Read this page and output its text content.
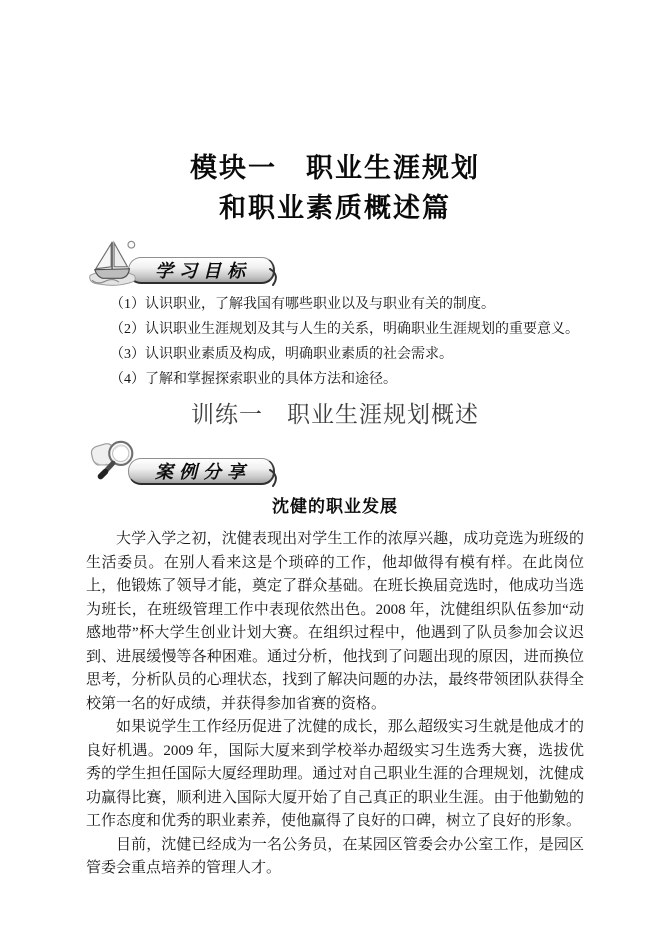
模块一　职业生涯规划
和职业素质概述篇
学习目标

（1）认识职业，了解我国有哪些职业以及与职业有关的制度。

（2）认识职业生涯规划及其与人生的关系，明确职业生涯规划的重要意义。

（3）认识职业素质及构成，明确职业素质的社会需求。

（4）了解和掌握探索职业的具体方法和途径。

训练一　职业生涯规划概述
案例分享
沈健的职业发展

大学入学之初，沈健表现出对学生工作的浓厚兴趣，成功竞选为班级的生活委员。在别人看来这是个琐碎的工作，他却做得有模有样。在此岗位上，他锻炼了领导才能，奠定了群众基础。在班长换届竞选时，他成功当选为班长，在班级管理工作中表现依然出色。2008 年，沈健组织队伍参加“动感地带”杯大学生创业计划大赛。在组织过程中，他遇到了队员参加会议迟到、进展缓慢等各种困难。通过分析，他找到了问题出现的原因，进而换位思考，分析队员的心理状态，找到了解决问题的办法，最终带领团队获得全校第一名的好成绩，并获得参加省赛的资格。

如果说学生工作经历促进了沈健的成长，那么超级实习生就是他成才的良好机遇。2009 年，国际大厦来到学校举办超级实习生选秀大赛，选拔优秀的学生担任国际大厦经理助理。通过对自己职业生涯的合理规划，沈健成功赢得比赛，顺利进入国际大厦开始了自己真正的职业生涯。由于他勤勉的工作态度和优秀的职业素养，使他赢得了良好的口碑，树立了良好的形象。

目前，沈健已经成为一名公务员，在某园区管委会办公室工作，是园区管委会重点培养的管理人才。
